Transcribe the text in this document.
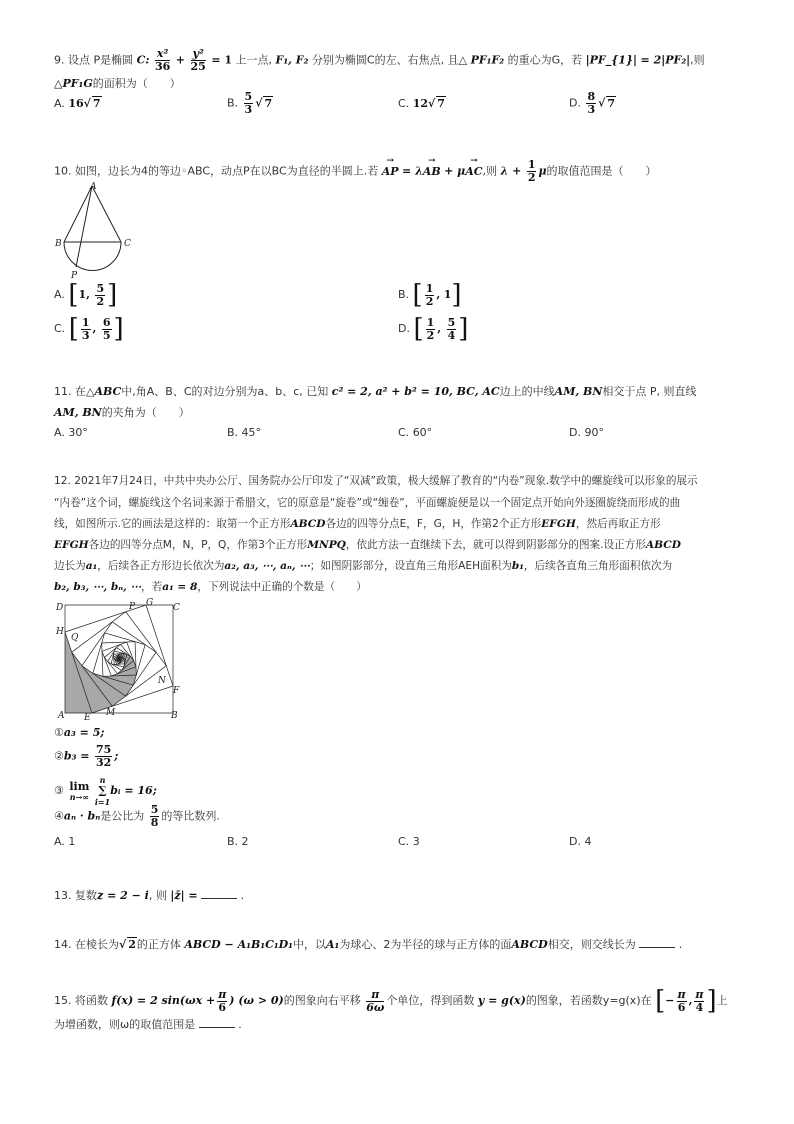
9. 设点 P是椭圆 C: $\frac{\text{x²}}{36} + \frac{\text{y²}}{25} = 1$ 上一点, F₁, F₂ 分别为椭圆C的左、右焦点, 且△ PF₁F₂ 的重心为G，若 |PF_{1}| = 2|PF₂|,则
△PF₁G的面积为（　　）
A. 16√ 7	B. $\frac{5}{3}$ √ 7	C. 12√ 7	D. $\frac{8}{3}$ √ 7
10. 如图，边长为4的等边◦ABC，动点P在以BC为直径的半圆上.若 → AP = λ→ AB + μ→ AC,则 $\lambda + \frac{1}{2}$ μ的取值范围是（　　）
A
B	C
P
A. [1, $\frac{5}{2}$ ]	B. [ $\frac{1}{2}$ , 1]
C. [ $\frac{1}{3}$ , $\frac{6}{5}$ ]	D. [ $\frac{1}{2}$ , $\frac{5}{4}$ ]
11. 在△ABC中,角A、B、C的对边分别为a、b、c, 已知 c² = 2, a² + b² = 10, BC, AC边上的中线AM, BN相交于点 P, 则直线
AM, BN的夹角为（　　）
A. 30°	B. 45°	C. 60°	D. 90°
12. 2021年7月24日，中共中央办公厅、国务院办公厅印发了“双减”政策，极大缓解了教育的“内卷”现象.数学中的螺旋线可以形象的展示
“内卷”这个词，螺旋线这个名词来源于希腊文，它的原意是“旋卷”或“缠卷”，平面螺旋便是以一个固定点开始向外逐圈旋绕而形成的曲
线，如图所示.它的画法是这样的：取第一个正方形ABCD各边的四等分点E，F，G，H，作第2个正方形EFGH，然后再取正方形
EFGH各边的四等分点M，N，P，Q，作第3个正方形MNPQ，依此方法一直继续下去，就可以得到阴影部分的图案.设正方形ABCD
边长为a₁，后续各正方形边长依次为a₂, a₃, ⋯, aₙ, ⋯；如图阴影部分，设直角三角形AEH面积为b₁，后续各直角三角形面积依次为
b₂, b₃, ⋯, bₙ, ⋯，若a₁ = 8，下列说法中正确的个数是（　　）
D	P G C
H
Q
N
F
A E M	B
①a₃ = 5;
②b₃ = $\frac{75}{32}$ ;
③ lim
n→∞

n
∑
i=1
bᵢ = 16;
④aₙ · bₙ是公比为 $\frac{5}{8}$ 的等比数列.
A. 1	B. 2	C. 3	D. 4
13. 复数z = 2 − i, 则 |z̄| =	.
14. 在棱长为√ 2的正方体 ABCD − A₁B₁C₁D₁中，以A₁为球心、2为半径的球与正方体的面ABCD相交，则交线长为	.
15. 将函数 f(x) = 2 $\sin(\omega x + \frac{\pi}{6}$ ) (ω > 0)的图象向右平移 $\frac{\pi}{6\omega}$ 个单位，得到函数 y = g(x)的图象，若函数y=g(x)在 [− $\frac{\pi}{6}$ , $\frac{\pi}{4}$ ]上
为增函数，则ω的取值范围是	.
